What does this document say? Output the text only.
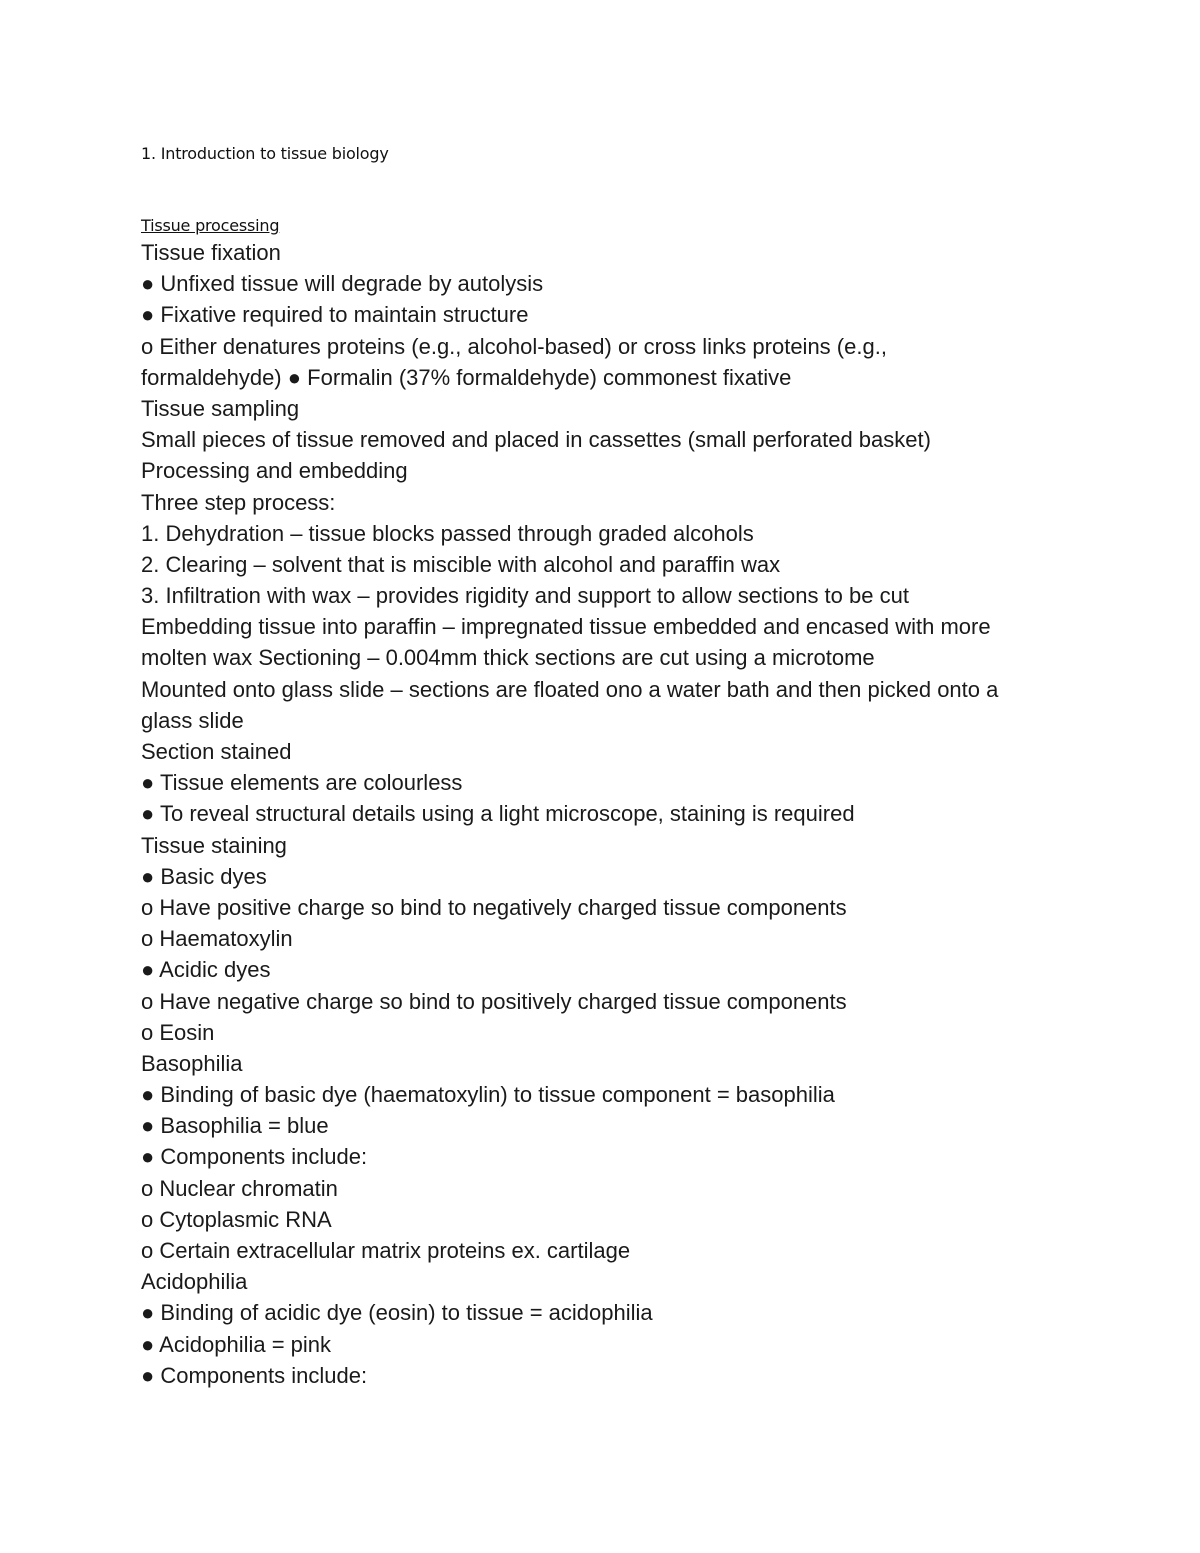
1. Introduction to tissue biology
Tissue processing
Tissue fixation
● Unfixed tissue will degrade by autolysis
● Fixative required to maintain structure
o Either denatures proteins (e.g., alcohol-based) or cross links proteins (e.g.,
formaldehyde) ● Formalin (37% formaldehyde) commonest fixative
Tissue sampling
Small pieces of tissue removed and placed in cassettes (small perforated basket)
Processing and embedding
Three step process:
1. Dehydration – tissue blocks passed through graded alcohols
2. Clearing – solvent that is miscible with alcohol and paraffin wax
3. Infiltration with wax – provides rigidity and support to allow sections to be cut
Embedding tissue into paraffin – impregnated tissue embedded and encased with more
molten wax Sectioning – 0.004mm thick sections are cut using a microtome
Mounted onto glass slide – sections are floated ono a water bath and then picked onto a
glass slide
Section stained
● Tissue elements are colourless
● To reveal structural details using a light microscope, staining is required
Tissue staining
● Basic dyes
o Have positive charge so bind to negatively charged tissue components
o Haematoxylin
● Acidic dyes
o Have negative charge so bind to positively charged tissue components
o Eosin
Basophilia
● Binding of basic dye (haematoxylin) to tissue component = basophilia
● Basophilia = blue
● Components include:
o Nuclear chromatin
o Cytoplasmic RNA
o Certain extracellular matrix proteins ex. cartilage
Acidophilia
● Binding of acidic dye (eosin) to tissue = acidophilia
● Acidophilia = pink
● Components include:
